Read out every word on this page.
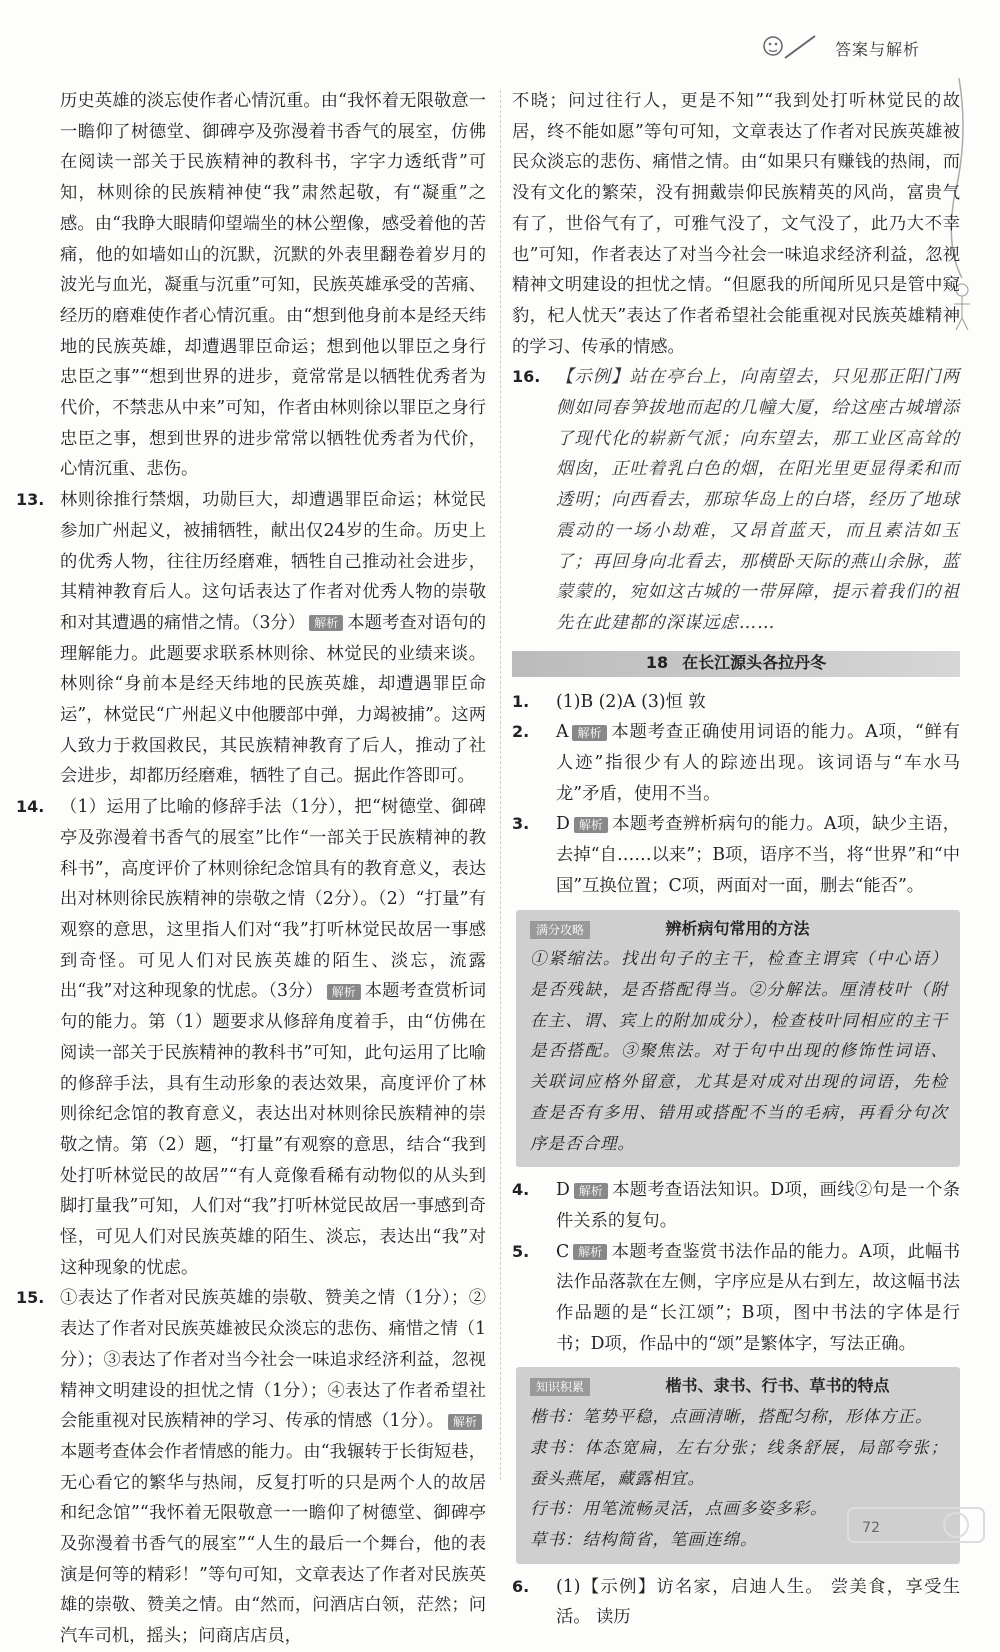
答案与解析

历史英雄的淡忘使作者心情沉重。由“我怀着无限敬意一一瞻仰了树德堂、御碑亭及弥漫着书香气的展室，仿佛在阅读一部关于民族精神的教科书，字字力透纸背”可知，林则徐的民族精神使“我”肃然起敬，有“凝重”之感。由“我睁大眼睛仰望端坐的林公塑像，感受着他的苦痛，他的如墙如山的沉默，沉默的外表里翻卷着岁月的波光与血光，凝重与沉重”可知，民族英雄承受的苦痛、经历的磨难使作者心情沉重。由“想到他身前本是经天纬地的民族英雄，却遭遇罪臣命运；想到他以罪臣之身行忠臣之事”“想到世界的进步，竟常常是以牺牲优秀者为代价，不禁悲从中来”可知，作者由林则徐以罪臣之身行忠臣之事，想到世界的进步常常以牺牲优秀者为代价，心情沉重、悲伤。

13. 林则徐推行禁烟，功勋巨大，却遭遇罪臣命运；林觉民参加广州起义，被捕牺牲，献出仅24岁的生命。历史上的优秀人物，往往历经磨难，牺牲自己推动社会进步，其精神教育后人。这句话表达了作者对优秀人物的崇敬和对其遭遇的痛惜之情。（3分） 解析 本题考查对语句的理解能力。此题要求联系林则徐、林觉民的业绩来谈。林则徐“身前本是经天纬地的民族英雄，却遭遇罪臣命运”，林觉民“广州起义中他腰部中弹，力竭被捕”。这两人致力于救国救民，其民族精神教育了后人，推动了社会进步，却都历经磨难，牺牲了自己。据此作答即可。
14. （1）运用了比喻的修辞手法（1分），把“树德堂、御碑亭及弥漫着书香气的展室”比作“一部关于民族精神的教科书”，高度评价了林则徐纪念馆具有的教育意义，表达出对林则徐民族精神的崇敬之情（2分）。（2）“打量”有观察的意思，这里指人们对“我”打听林觉民故居一事感到奇怪。可见人们对民族英雄的陌生、淡忘，流露出“我”对这种现象的忧虑。（3分） 解析 本题考查赏析词句的能力。第（1）题要求从修辞角度着手，由“仿佛在阅读一部关于民族精神的教科书”可知，此句运用了比喻的修辞手法，具有生动形象的表达效果，高度评价了林则徐纪念馆的教育意义，表达出对林则徐民族精神的崇敬之情。第（2）题，“打量”有观察的意思，结合“我到处打听林觉民的故居”“有人竟像看稀有动物似的从头到脚打量我”可知，人们对“我”打听林觉民故居一事感到奇怪，可见人们对民族英雄的陌生、淡忘，表达出“我”对这种现象的忧虑。
15. ①表达了作者对民族英雄的崇敬、赞美之情（1分）；②表达了作者对民族英雄被民众淡忘的悲伤、痛惜之情（1分）；③表达了作者对当今社会一味追求经济利益，忽视精神文明建设的担忧之情（1分）；④表达了作者希望社会能重视对民族精神的学习、传承的情感（1分）。 解析本题考查体会作者情感的能力。由“我辗转于长街短巷，无心看它的繁华与热闹，反复打听的只是两个人的故居和纪念馆”“我怀着无限敬意一一瞻仰了树德堂、御碑亭及弥漫着书香气的展室”“人生的最后一个舞台，他的表演是何等的精彩！”等句可知，文章表达了作者对民族英雄的崇敬、赞美之情。由“然而，问酒店白领，茫然；问汽车司机，摇头；问商店店员，

不晓；问过往行人，更是不知”“我到处打听林觉民的故居，终不能如愿”等句可知，文章表达了作者对民族英雄被民众淡忘的悲伤、痛惜之情。由“如果只有赚钱的热闹，而没有文化的繁荣，没有拥戴崇仰民族精英的风尚，富贵气有了，世俗气有了，可雅气没了，文气没了，此乃大不幸也”可知，作者表达了对当今社会一味追求经济利益，忽视精神文明建设的担忧之情。“但愿我的所闻所见只是管中窥豹，杞人忧天”表达了作者希望社会能重视对民族英雄精神的学习、传承的情感。

16. 【示例】站在亭台上，向南望去，只见那正阳门两侧如同春笋拔地而起的几幢大厦，给这座古城增添了现代化的崭新气派；向东望去，那工业区高耸的烟囱，正吐着乳白色的烟，在阳光里更显得柔和而透明；向西看去，那琼华岛上的白塔，经历了地球震动的一场小劫难，又昂首蓝天，而且素洁如玉了；再回身向北看去，那横卧天际的燕山余脉，蓝蒙蒙的，宛如这古城的一带屏障，提示着我们的祖先在此建都的深谋远虑……
18 在长江源头各拉丹冬
1. (1)B (2)A (3)恒 敦
2. A 解析 本题考查正确使用词语的能力。A项，“鲜有人迹”指很少有人的踪迹出现。该词语与“车水马龙”矛盾，使用不当。
3. D 解析 本题考查辨析病句的能力。A项，缺少主语，去掉“自……以来”；B项，语序不当，将“世界”和“中国”互换位置；C项，两面对一面，删去“能否”。
满分攻略	辨析病句常用的方法

①紧缩法。找出句子的主干，检查主谓宾（中心语）是否残缺，是否搭配得当。②分解法。厘清枝叶（附在主、谓、宾上的附加成分），检查枝叶同相应的主干是否搭配。③聚焦法。对于句中出现的修饰性词语、关联词应格外留意，尤其是对成对出现的词语，先检查是否有多用、错用或搭配不当的毛病，再看分句次序是否合理。

4. D 解析 本题考查语法知识。D项，画线②句是一个条件关系的复句。
5. C 解析 本题考查鉴赏书法作品的能力。A项，此幅书法作品落款在左侧，字序应是从右到左，故这幅书法作品题的是“长江颂”；B项，图中书法的字体是行书；D项，作品中的“颂”是繁体字，写法正确。
知识积累	楷书、隶书、行书、草书的特点

楷书：笔势平稳，点画清晰，搭配匀称，形体方正。

隶书：体态宽扁，左右分张；线条舒展，局部夸张；蚕头燕尾，藏露相宜。

行书：用笔流畅灵活，点画多姿多彩。

草书：结构简省，笔画连绵。

6. (1)【示例】访名家，启迪人生。 尝美食，享受生活。 读历
72
